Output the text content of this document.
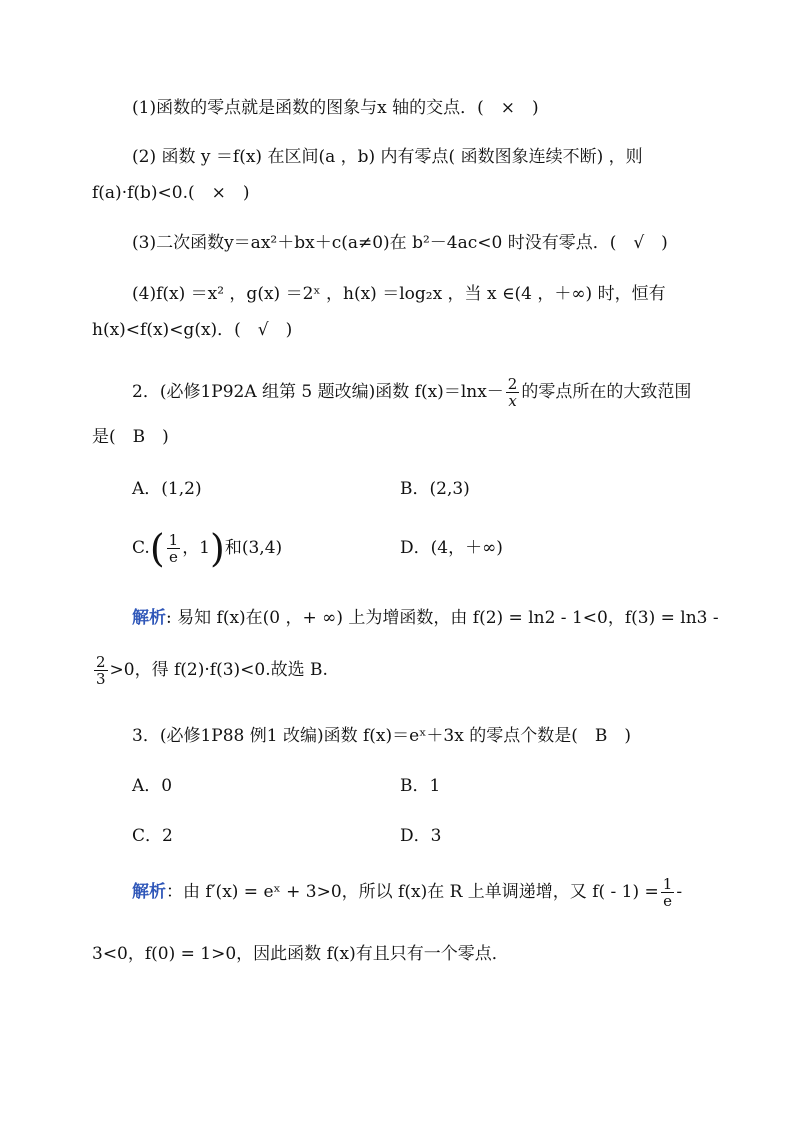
(1)函数的零点就是函数的图象与x 轴的交点．(　×　)
(2) 函数 y ＝f(x) 在区间(a ，b) 内有零点( 函数图象连续不断) ，则
f(a)·f(b)<0.(　×　)
(3)二次函数y＝ax²＋bx＋c(a≠0)在 b²－4ac<0 时没有零点．(　√　)
(4)f(x) ＝x² ，g(x) ＝2ˣ ，h(x) ＝log₂x ，当 x ∈(4 ，＋∞) 时，恒有
h(x)<f(x)<g(x)．(　√　)
2．(必修1P92A 组第 5 题改编)函数 $f(x)=\ln x- \frac{2}{x}$ 的零点所在的大致范围
是(　B　)
A．(1,2)	B．(2,3)
$C.( \frac{1}{e}$ ，1)和(3,4)	D．(4，＋∞)
解析: 易知 f(x)在(0 ，+ ∞) 上为增函数，由 f(2) = ln2 - 1<0，f(3) = ln3 -
$\frac{2}{3} >0$，得 f(2)·f(3)<0.故选 B.
3．(必修1P88 例1 改编)函数 f(x)＝eˣ＋3x 的零点个数是(　B　)
A．0	B．1
C．2	D．3
解析：由 f′(x) = eˣ + 3>0，所以 f(x)在 R 上单调递增，又 $f( - 1) = \frac{1}{e}$ -
3<0，f(0) = 1>0，因此函数 f(x)有且只有一个零点．
